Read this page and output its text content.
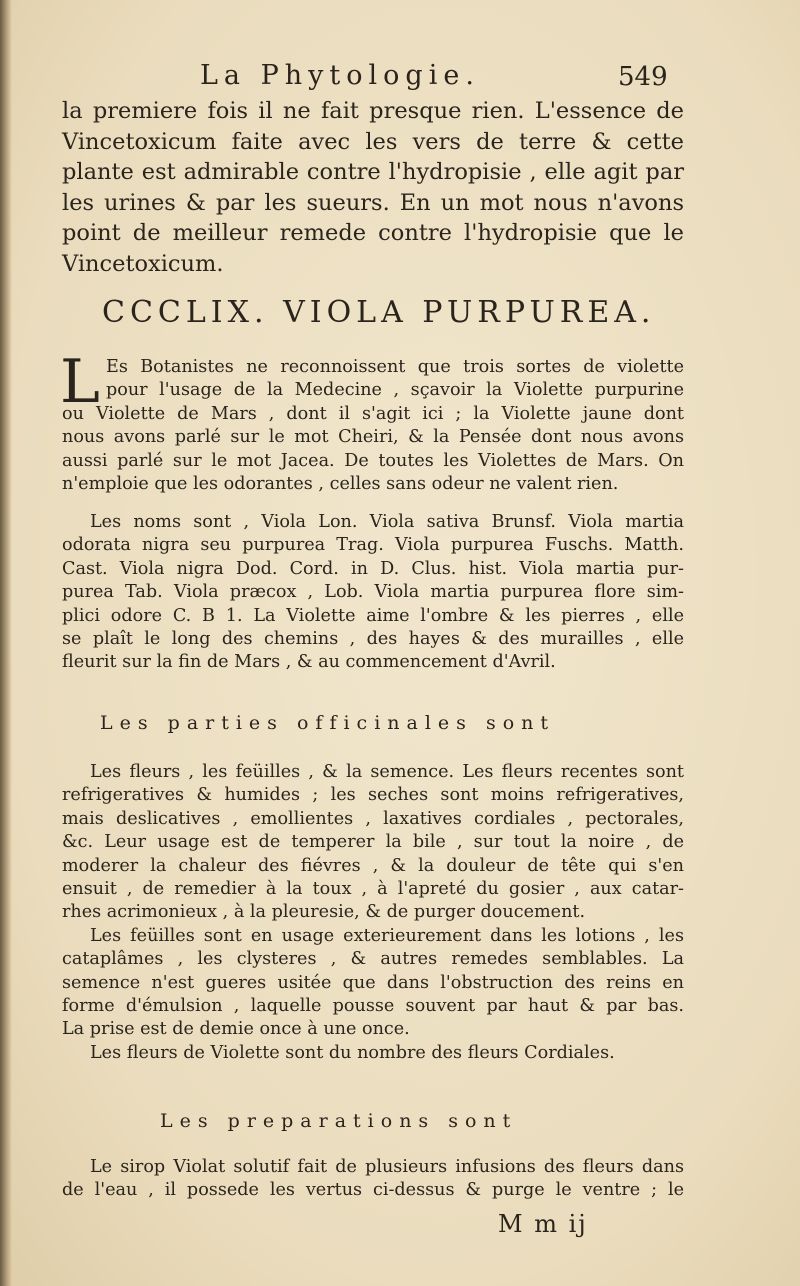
La Phytologie.	549
la premiere fois il ne fait presque rien. L'essence de
Vincetoxicum faite avec les vers de terre & cette
plante est admirable contre l'hydropisie , elle agit par
les urines & par les sueurs. En un mot nous n'avons
point de meilleur remede contre l'hydropisie que le
Vincetoxicum.
CCCLIX. VIOLA PURPUREA.
L Es Botanistes ne reconnoissent que trois sortes de violette
pour l'usage de la Medecine , sçavoir la Violette purpurine
ou Violette de Mars , dont il s'agit ici ; la Violette jaune dont
nous avons parlé sur le mot Cheiri, & la Pensée dont nous avons
aussi parlé sur le mot Jacea. De toutes les Violettes de Mars. On
n'emploie que les odorantes , celles sans odeur ne valent rien.
Les noms sont , Viola Lon. Viola sativa Brunsf. Viola martia
odorata nigra seu purpurea Trag. Viola purpurea Fuschs. Matth.
Cast. Viola nigra Dod. Cord. in D. Clus. hist. Viola martia pur-
purea Tab. Viola præcox , Lob. Viola martia purpurea flore sim-
plici odore C. B 1. La Violette aime l'ombre & les pierres , elle
se plaît le long des chemins , des hayes & des murailles , elle
fleurit sur la fin de Mars , & au commencement d'Avril.
Les parties officinales sont
Les fleurs , les feüilles , & la semence. Les fleurs recentes sont
refrigeratives & humides ; les seches sont moins refrigeratives,
mais deslicatives , emollientes , laxatives cordiales , pectorales,
&c. Leur usage est de temperer la bile , sur tout la noire , de
moderer la chaleur des fiévres , & la douleur de tête qui s'en
ensuit , de remedier à la toux , à l'apreté du gosier , aux catar-
rhes acrimonieux , à la pleuresie, & de purger doucement.
Les feüilles sont en usage exterieurement dans les lotions , les
cataplâmes , les clysteres , & autres remedes semblables. La
semence n'est gueres usitée que dans l'obstruction des reins en
forme d'émulsion , laquelle pousse souvent par haut & par bas.
La prise est de demie once à une once.
Les fleurs de Violette sont du nombre des fleurs Cordiales.
Les preparations sont
Le sirop Violat solutif fait de plusieurs infusions des fleurs dans
de l'eau , il possede les vertus ci-dessus & purge le ventre ; le
M m ij
